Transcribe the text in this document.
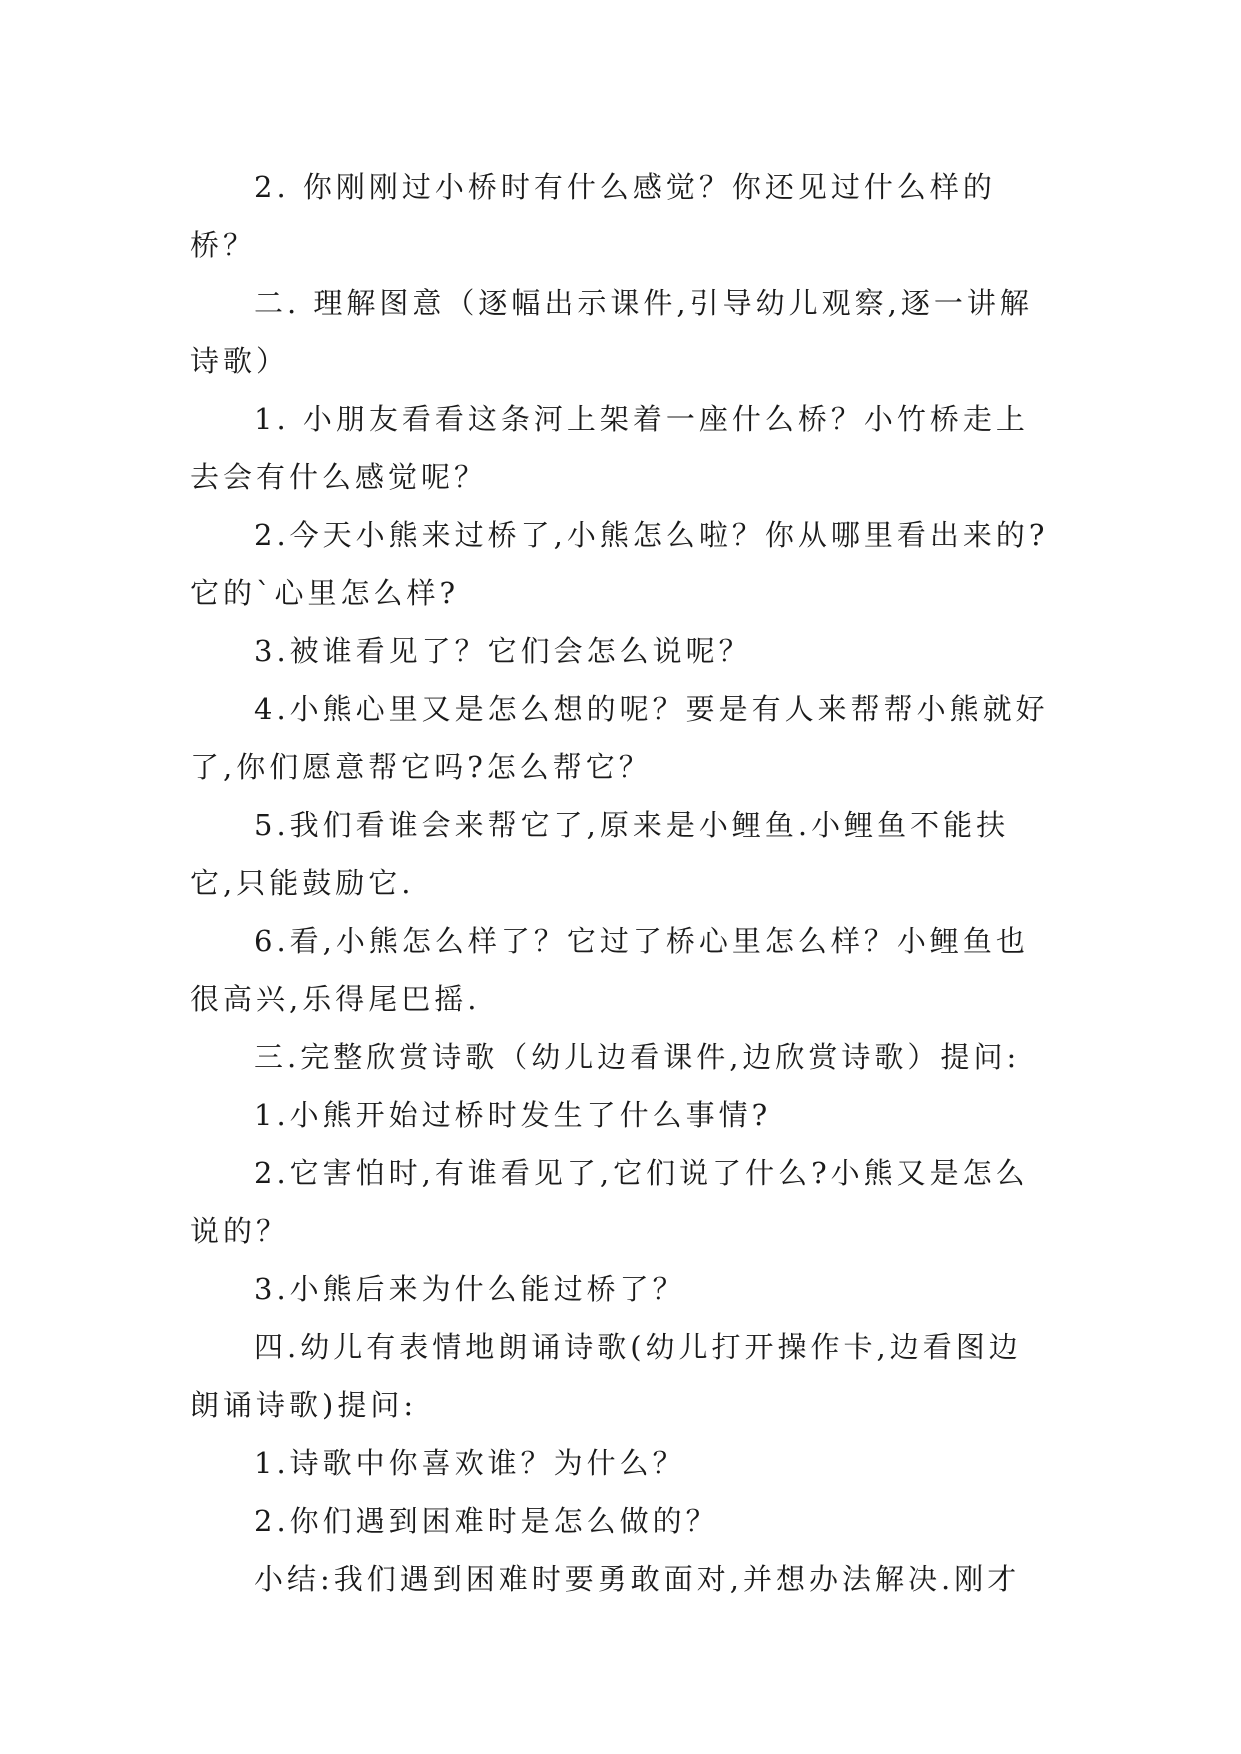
2. 你刚刚过小桥时有什么感觉？你还见过什么样的桥？

二. 理解图意（逐幅出示课件,引导幼儿观察,逐一讲解诗歌）

1. 小朋友看看这条河上架着一座什么桥？小竹桥走上去会有什么感觉呢？

2.今天小熊来过桥了,小熊怎么啦？你从哪里看出来的?它的`心里怎么样?

3.被谁看见了？它们会怎么说呢？

4.小熊心里又是怎么想的呢？要是有人来帮帮小熊就好了,你们愿意帮它吗?怎么帮它？

5.我们看谁会来帮它了,原来是小鲤鱼.小鲤鱼不能扶它,只能鼓励它.

6.看,小熊怎么样了？它过了桥心里怎么样？小鲤鱼也很高兴,乐得尾巴摇.

三.完整欣赏诗歌（幼儿边看课件,边欣赏诗歌）提问:

1.小熊开始过桥时发生了什么事情?

2.它害怕时,有谁看见了,它们说了什么?小熊又是怎么说的？

3.小熊后来为什么能过桥了？

四.幼儿有表情地朗诵诗歌(幼儿打开操作卡,边看图边朗诵诗歌)提问:

1.诗歌中你喜欢谁？为什么？

2.你们遇到困难时是怎么做的？

小结:我们遇到困难时要勇敢面对,并想办法解决.刚才
